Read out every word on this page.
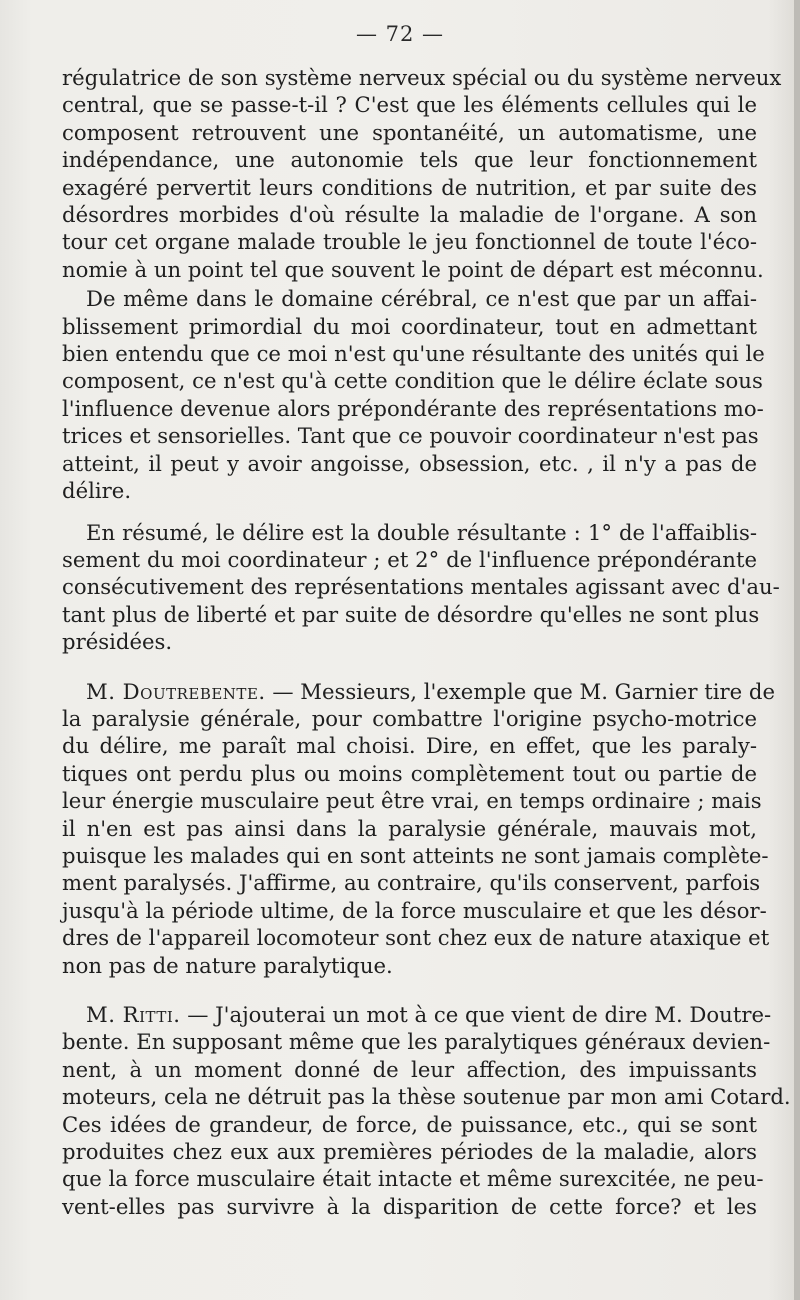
— 72 —

régulatrice de son système nerveux spécial ou du système nerveux
central, que se passe-t-il ? C'est que les éléments cellules qui le
composent retrouvent une spontanéité, un automatisme, une
indépendance, une autonomie tels que leur fonctionnement
exagéré pervertit leurs conditions de nutrition, et par suite des
désordres morbides d'où résulte la maladie de l'organe. A son
tour cet organe malade trouble le jeu fonctionnel de toute l'éco-
nomie à un point tel que souvent le point de départ est méconnu.

De même dans le domaine cérébral, ce n'est que par un affai-
blissement primordial du moi coordinateur, tout en admettant
bien entendu que ce moi n'est qu'une résultante des unités qui le
composent, ce n'est qu'à cette condition que le délire éclate sous
l'influence devenue alors prépondérante des représentations mo-
trices et sensorielles. Tant que ce pouvoir coordinateur n'est pas
atteint, il peut y avoir angoisse, obsession, etc. , il n'y a pas de
délire.

En résumé, le délire est la double résultante : 1° de l'affaiblis-
sement du moi coordinateur ; et 2° de l'influence prépondérante
consécutivement des représentations mentales agissant avec d'au-
tant plus de liberté et par suite de désordre qu'elles ne sont plus
présidées.

M. Doutrebente. — Messieurs, l'exemple que M. Garnier tire de
la paralysie générale, pour combattre l'origine psycho-motrice
du délire, me paraît mal choisi. Dire, en effet, que les paraly-
tiques ont perdu plus ou moins complètement tout ou partie de
leur énergie musculaire peut être vrai, en temps ordinaire ; mais
il n'en est pas ainsi dans la paralysie générale, mauvais mot,
puisque les malades qui en sont atteints ne sont jamais complète-
ment paralysés. J'affirme, au contraire, qu'ils conservent, parfois
jusqu'à la période ultime, de la force musculaire et que les désor-
dres de l'appareil locomoteur sont chez eux de nature ataxique et
non pas de nature paralytique.

M. Ritti. — J'ajouterai un mot à ce que vient de dire M. Doutre-
bente. En supposant même que les paralytiques généraux devien-
nent, à un moment donné de leur affection, des impuissants
moteurs, cela ne détruit pas la thèse soutenue par mon ami Cotard.
Ces idées de grandeur, de force, de puissance, etc., qui se sont
produites chez eux aux premières périodes de la maladie, alors
que la force musculaire était intacte et même surexcitée, ne peu-
vent-elles pas survivre à la disparition de cette force? et les
